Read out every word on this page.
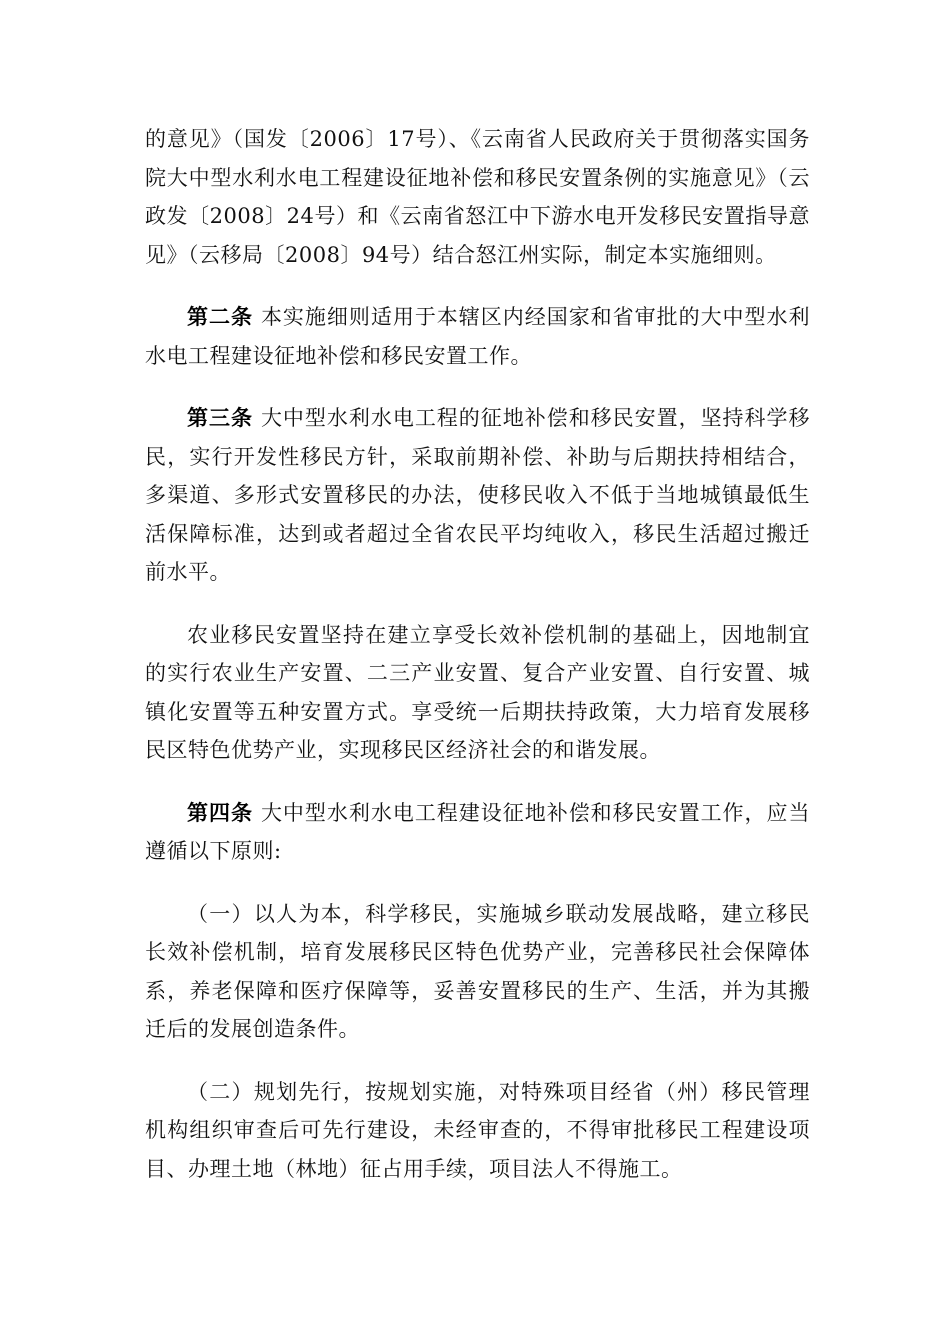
的意见》（国发〔2006〕17号）、《云南省人民政府关于贯彻落实国务院大中型水利水电工程建设征地补偿和移民安置条例的实施意见》（云政发〔2008〕24号）和《云南省怒江中下游水电开发移民安置指导意见》（云移局〔2008〕94号）结合怒江州实际，制定本实施细则。

第二条 本实施细则适用于本辖区内经国家和省审批的大中型水利水电工程建设征地补偿和移民安置工作。

第三条 大中型水利水电工程的征地补偿和移民安置，坚持科学移民，实行开发性移民方针，采取前期补偿、补助与后期扶持相结合，多渠道、多形式安置移民的办法，使移民收入不低于当地城镇最低生活保障标准，达到或者超过全省农民平均纯收入，移民生活超过搬迁前水平。

农业移民安置坚持在建立享受长效补偿机制的基础上，因地制宜的实行农业生产安置、二三产业安置、复合产业安置、自行安置、城镇化安置等五种安置方式。享受统一后期扶持政策，大力培育发展移民区特色优势产业，实现移民区经济社会的和谐发展。

第四条 大中型水利水电工程建设征地补偿和移民安置工作，应当遵循以下原则:

（一）以人为本，科学移民，实施城乡联动发展战略，建立移民长效补偿机制，培育发展移民区特色优势产业，完善移民社会保障体系，养老保障和医疗保障等，妥善安置移民的生产、生活，并为其搬迁后的发展创造条件。

（二）规划先行，按规划实施，对特殊项目经省（州）移民管理机构组织审查后可先行建设，未经审查的，不得审批移民工程建设项目、办理土地（林地）征占用手续，项目法人不得施工。
